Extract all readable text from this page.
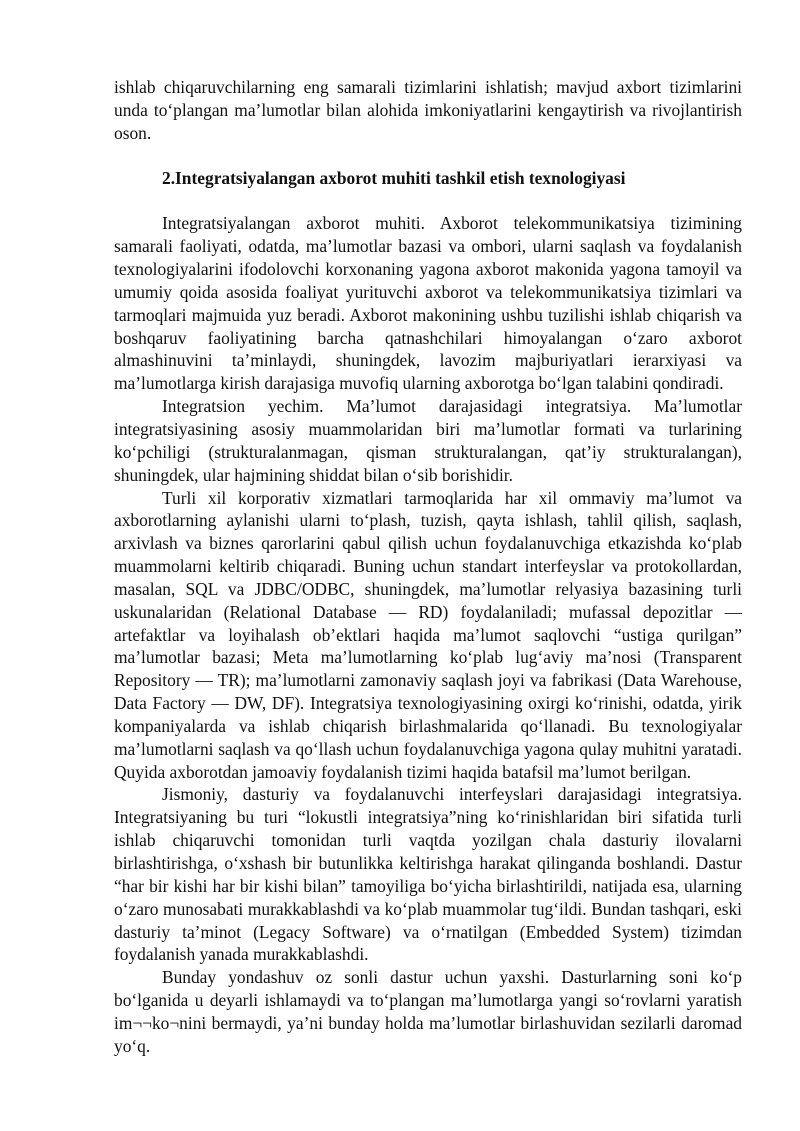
ishlab chiqaruvchilarning eng samarali tizimlarini ishlatish; mavjud axbort tizimlarini unda to‘plangan ma’lumotlar bilan alohida imkoniyatlarini kengaytirish va rivojlantirish oson.

2.Integratsiyalangan axborot muhiti tashkil etish texnologiyasi

Integratsiyalangan axborot muhiti. Axborot telekommunikatsiya tizimining samarali faoliyati, odatda, ma’lumotlar bazasi va ombori, ularni saqlash va foydalanish texnologiyalarini ifodolovchi korxonaning yagona axborot makonida yagona tamoyil va umumiy qoida asosida foaliyat yurituvchi axborot va telekommunikatsiya tizimlari va tarmoqlari majmuida yuz beradi. Axborot makonining ushbu tuzilishi ishlab chiqarish va boshqaruv faoliyatining barcha qatnashchilari himoyalangan o‘zaro axborot almashinuvini ta’minlaydi, shuningdek, lavozim majburiyatlari ierarxiyasi va ma’lumotlarga kirish darajasiga muvofiq ularning axborotga bo‘lgan talabini qondiradi.

Integratsion yechim. Ma’lumot darajasidagi integratsiya. Ma’lumotlar integratsiyasining asosiy muammolaridan biri ma’lumotlar formati va turlarining ko‘pchiligi (strukturalanmagan, qisman strukturalangan, qat’iy strukturalangan), shuningdek, ular hajmining shiddat bilan o‘sib borishidir.

Turli xil korporativ xizmatlari tarmoqlarida har xil ommaviy ma’lumot va axborotlarning aylanishi ularni to‘plash, tuzish, qayta ishlash, tahlil qilish, saqlash, arxivlash va biznes qarorlarini qabul qilish uchun foydalanuvchiga etkazishda ko‘plab muammolarni keltirib chiqaradi. Buning uchun standart interfeyslar va protokollardan, masalan, SQL va JDBC/ODBC, shuningdek, ma’lumotlar relyasiya bazasining turli uskunalaridan (Relational Database — RD) foydalaniladi; mufassal depozitlar — artefaktlar va loyihalash ob’ektlari haqida ma’lumot saqlovchi “ustiga qurilgan” ma’lumotlar bazasi; Meta ma’lumotlarning ko‘plab lug‘aviy ma’nosi (Transparent Repository — TR); ma’lumotlarni zamonaviy saqlash joyi va fabrikasi (Data Warehouse, Data Factory — DW, DF). Integratsiya texnologiyasining oxirgi ko‘rinishi, odatda, yirik kompaniyalarda va ishlab chiqarish birlashmalarida qo‘llanadi. Bu texnologiyalar ma’lumotlarni saqlash va qo‘llash uchun foydalanuvchiga yagona qulay muhitni yaratadi. Quyida axborotdan jamoaviy foydalanish tizimi haqida batafsil ma’lumot berilgan.

Jismoniy, dasturiy va foydalanuvchi interfeyslari darajasidagi integratsiya. Integratsiyaning bu turi “lokustli integratsiya”ning ko‘rinishlaridan biri sifatida turli ishlab chiqaruvchi tomonidan turli vaqtda yozilgan chala dasturiy ilovalarni birlashtirishga, o‘xshash bir butunlikka keltirishga harakat qilinganda boshlandi. Dastur “har bir kishi har bir kishi bilan” tamoyiliga bo‘yicha birlashtirildi, natijada esa, ularning o‘zaro munosabati murakkablashdi va ko‘plab muammolar tug‘ildi. Bundan tashqari, eski dasturiy ta’minot (Legacy Software) va o‘rnatilgan (Embedded System) tizimdan foydalanish yanada murakkablashdi.

Bunday yondashuv oz sonli dastur uchun yaxshi. Dasturlarning soni ko‘p bo‘lganida u deyarli ishlamaydi va to‘plangan ma’lumotlarga yangi so‘rovlarni yaratish im¬¬ko¬nini bermaydi, ya’ni bunday holda ma’lumotlar birlashuvidan sezilarli daromad yo‘q.
